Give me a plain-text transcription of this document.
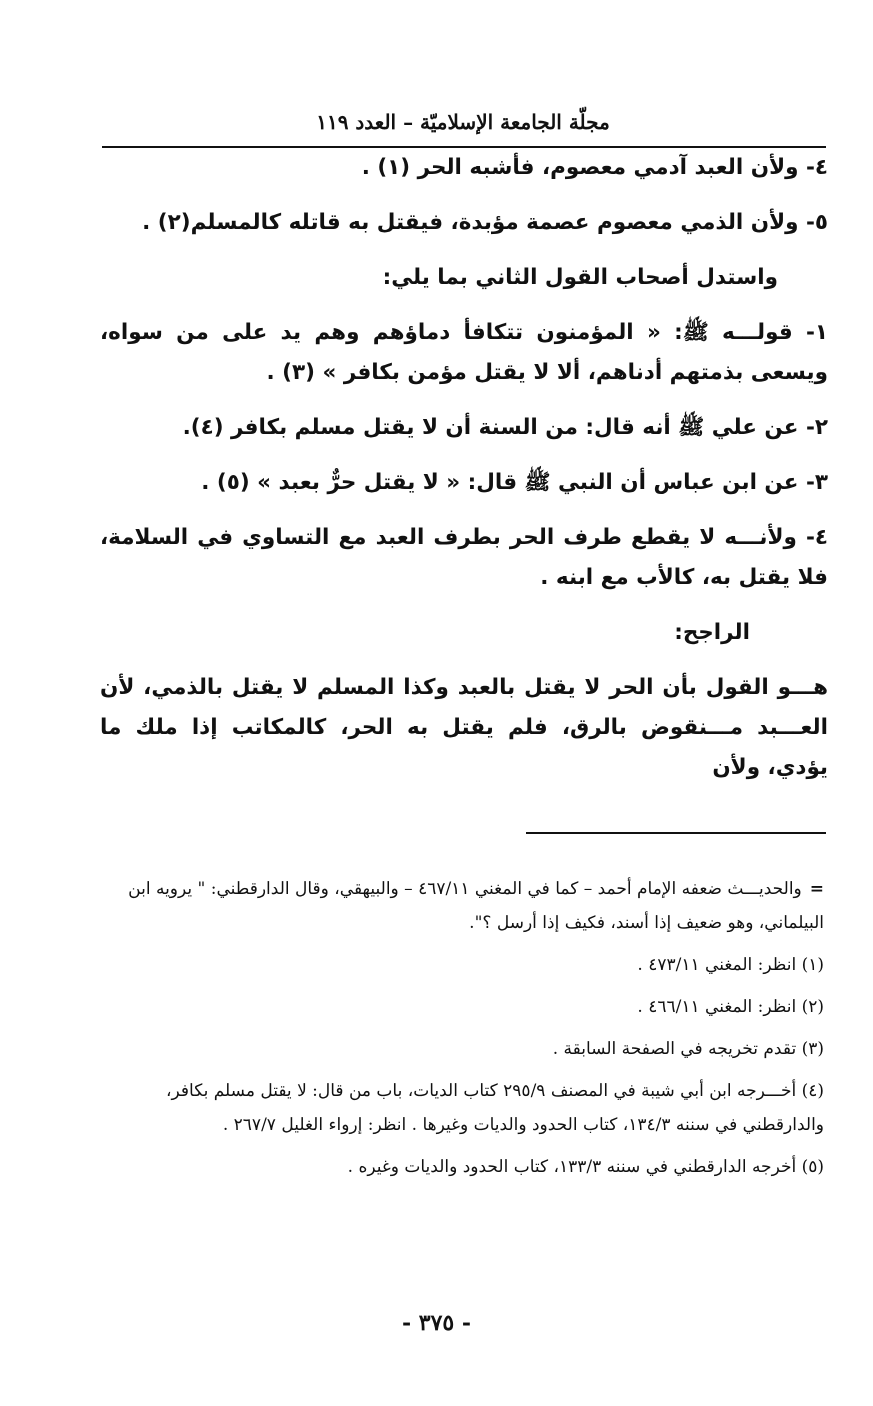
مجلّة الجامعة الإسلاميّة – العدد ١١٩

٤- ولأن العبد آدمي معصوم، فأشبه الحر (١) .

٥- ولأن الذمي معصوم عصمة مؤبدة، فيقتل به قاتله كالمسلم(٢) .

واستدل أصحاب القول الثاني بما يلي:

١- قولـــه ﷺ: « المؤمنون تتكافأ دماؤهم وهم يد على من سواه، ويسعى بذمتهم أدناهم، ألا لا يقتل مؤمن بكافر » (٣) .

٢- عن علي ﷺ أنه قال: من السنة أن لا يقتل مسلم بكافر (٤).

٣- عن ابن عباس أن النبي ﷺ قال: « لا يقتل حرٌّ بعبد » (٥) .

٤- ولأنـــه لا يقطع طرف الحر بطرف العبد مع التساوي في السلامة، فلا يقتل به، كالأب مع ابنه .

الراجح:

هـــو القول بأن الحر لا يقتل بالعبد وكذا المسلم لا يقتل بالذمي، لأن العـــبد مـــنقوض بالرق، فلم يقتل به الحر، كالمكاتب إذا ملك ما يؤدي، ولأن

=والحديـــث ضعفه الإمام أحمد – كما في المغني ٤٦٧/١١ – والبيهقي، وقال الدارقطني: " يرويه ابن البيلماني، وهو ضعيف إذا أسند، فكيف إذا أرسل ؟".
(١) انظر: المغني ٤٧٣/١١ .
(٢) انظر: المغني ٤٦٦/١١ .
(٣) تقدم تخريجه في الصفحة السابقة .
(٤) أخـــرجه ابن أبي شيبة في المصنف ٢٩٥/٩ كتاب الديات، باب من قال: لا يقتل مسلم بكافر، والدارقطني في سننه ١٣٤/٣، كتاب الحدود والديات وغيرها . انظر: إرواء الغليل ٢٦٧/٧ .
(٥) أخرجه الدارقطني في سننه ١٣٣/٣، كتاب الحدود والديات وغيره .
- ٣٧٥ -
